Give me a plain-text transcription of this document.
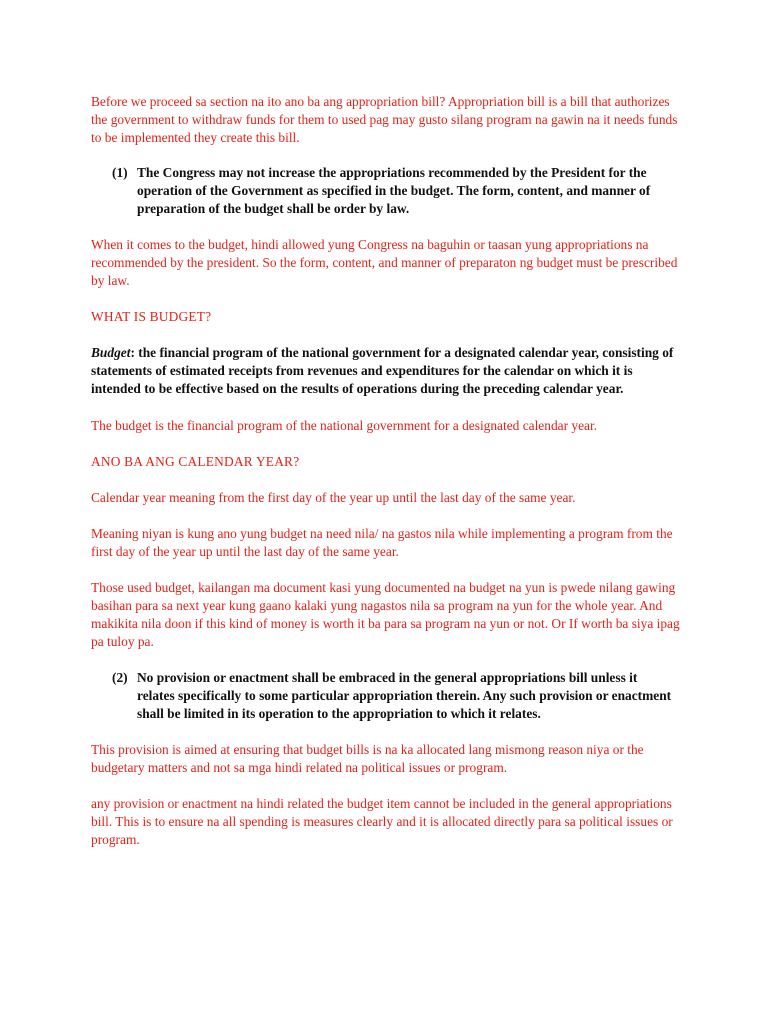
Before we proceed sa section na ito ano ba ang appropriation bill? Appropriation bill is a bill that authorizes the government to withdraw funds for them to used pag may gusto silang program na gawin na it needs funds to be implemented they create this bill.

(1) The Congress may not increase the appropriations recommended by the President for the operation of the Government as specified in the budget. The form, content, and manner of preparation of the budget shall be order by law.

When it comes to the budget, hindi allowed yung Congress na baguhin or taasan yung appropriations na recommended by the president. So the form, content, and manner of preparaton ng budget must be prescribed by law.

WHAT IS BUDGET?

Budget: the financial program of the national government for a designated calendar year, consisting of statements of estimated receipts from revenues and expenditures for the calendar on which it is intended to be effective based on the results of operations during the preceding calendar year.

The budget is the financial program of the national government for a designated calendar year.

ANO BA ANG CALENDAR YEAR?

Calendar year meaning from the first day of the year up until the last day of the same year.

Meaning niyan is kung ano yung budget na need nila/ na gastos nila while implementing a program from the first day of the year up until the last day of the same year.

Those used budget, kailangan ma document kasi yung documented na budget na yun is pwede nilang gawing basihan para sa next year kung gaano kalaki yung nagastos nila sa program na yun for the whole year. And makikita nila doon if this kind of money is worth it ba para sa program na yun or not. Or If worth ba siya ipag pa tuloy pa.

(2) No provision or enactment shall be embraced in the general appropriations bill unless it relates specifically to some particular appropriation therein. Any such provision or enactment shall be limited in its operation to the appropriation to which it relates.

This provision is aimed at ensuring that budget bills is na ka allocated lang mismong reason niya or the budgetary matters and not sa mga hindi related na political issues or program.

any provision or enactment na hindi related the budget item cannot be included in the general appropriations bill. This is to ensure na all spending is measures clearly and it is allocated directly para sa political issues or program.
